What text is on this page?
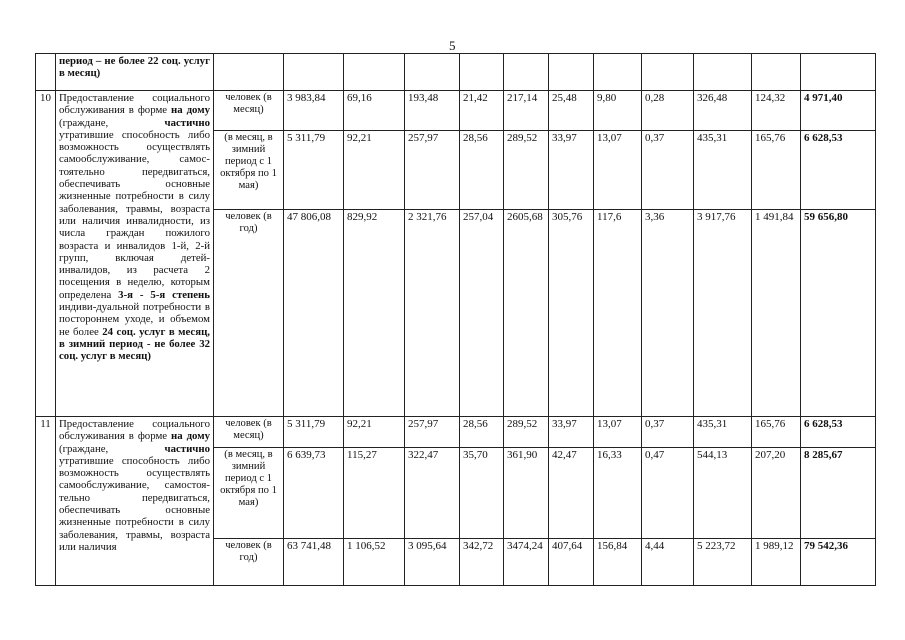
5
	период – не более 22 соц. услуг в месяц)												
10	Предоставление социального обслуживания в форме на дому (граждане, частично утратившие способность либо возможность осуществлять самообслуживание, самос-тоятельно передвигаться, обеспечивать основные жизненные потребности в силу заболевания, травмы, возраста или наличия инвалидности, из числа граждан пожилого возраста и инвалидов 1-й, 2-й групп, включая детей-инвалидов, из расчета 2 посещения в неделю, которым определена 3-я - 5-я степень индиви-дуальной потребности в постороннем уходе, и объемом не более 24 соц. услуг в месяц, в зимний период - не более 32 соц. услуг в месяц)	человек (в месяц)	3 983,84	69,16	193,48	21,42	217,14	25,48	9,80	0,28	326,48	124,32	4 971,40
		(в месяц, в зимний период с 1 октября по 1 мая)	5 311,79	92,21	257,97	28,56	289,52	33,97	13,07	0,37	435,31	165,76	6 628,53
		человек (в год)	47 806,08	829,92	2 321,76	257,04	2605,68	305,76	117,6	3,36	3 917,76	1 491,84	59 656,80
11	Предоставление социального обслуживания в форме на дому (граждане, частично утратившие способность либо возможность осуществлять самообслуживание, самостоя-тельно передвигаться, обеспечивать основные жизненные потребности в силу заболевания, травмы, возраста или наличия	человек (в месяц)	5 311,79	92,21	257,97	28,56	289,52	33,97	13,07	0,37	435,31	165,76	6 628,53
		(в месяц, в зимний период с 1 октября по 1 мая)	6 639,73	115,27	322,47	35,70	361,90	42,47	16,33	0,47	544,13	207,20	8 285,67
		человек (в год)	63 741,48	1 106,52	3 095,64	342,72	3474,24	407,64	156,84	4,44	5 223,72	1 989,12	79 542,36
